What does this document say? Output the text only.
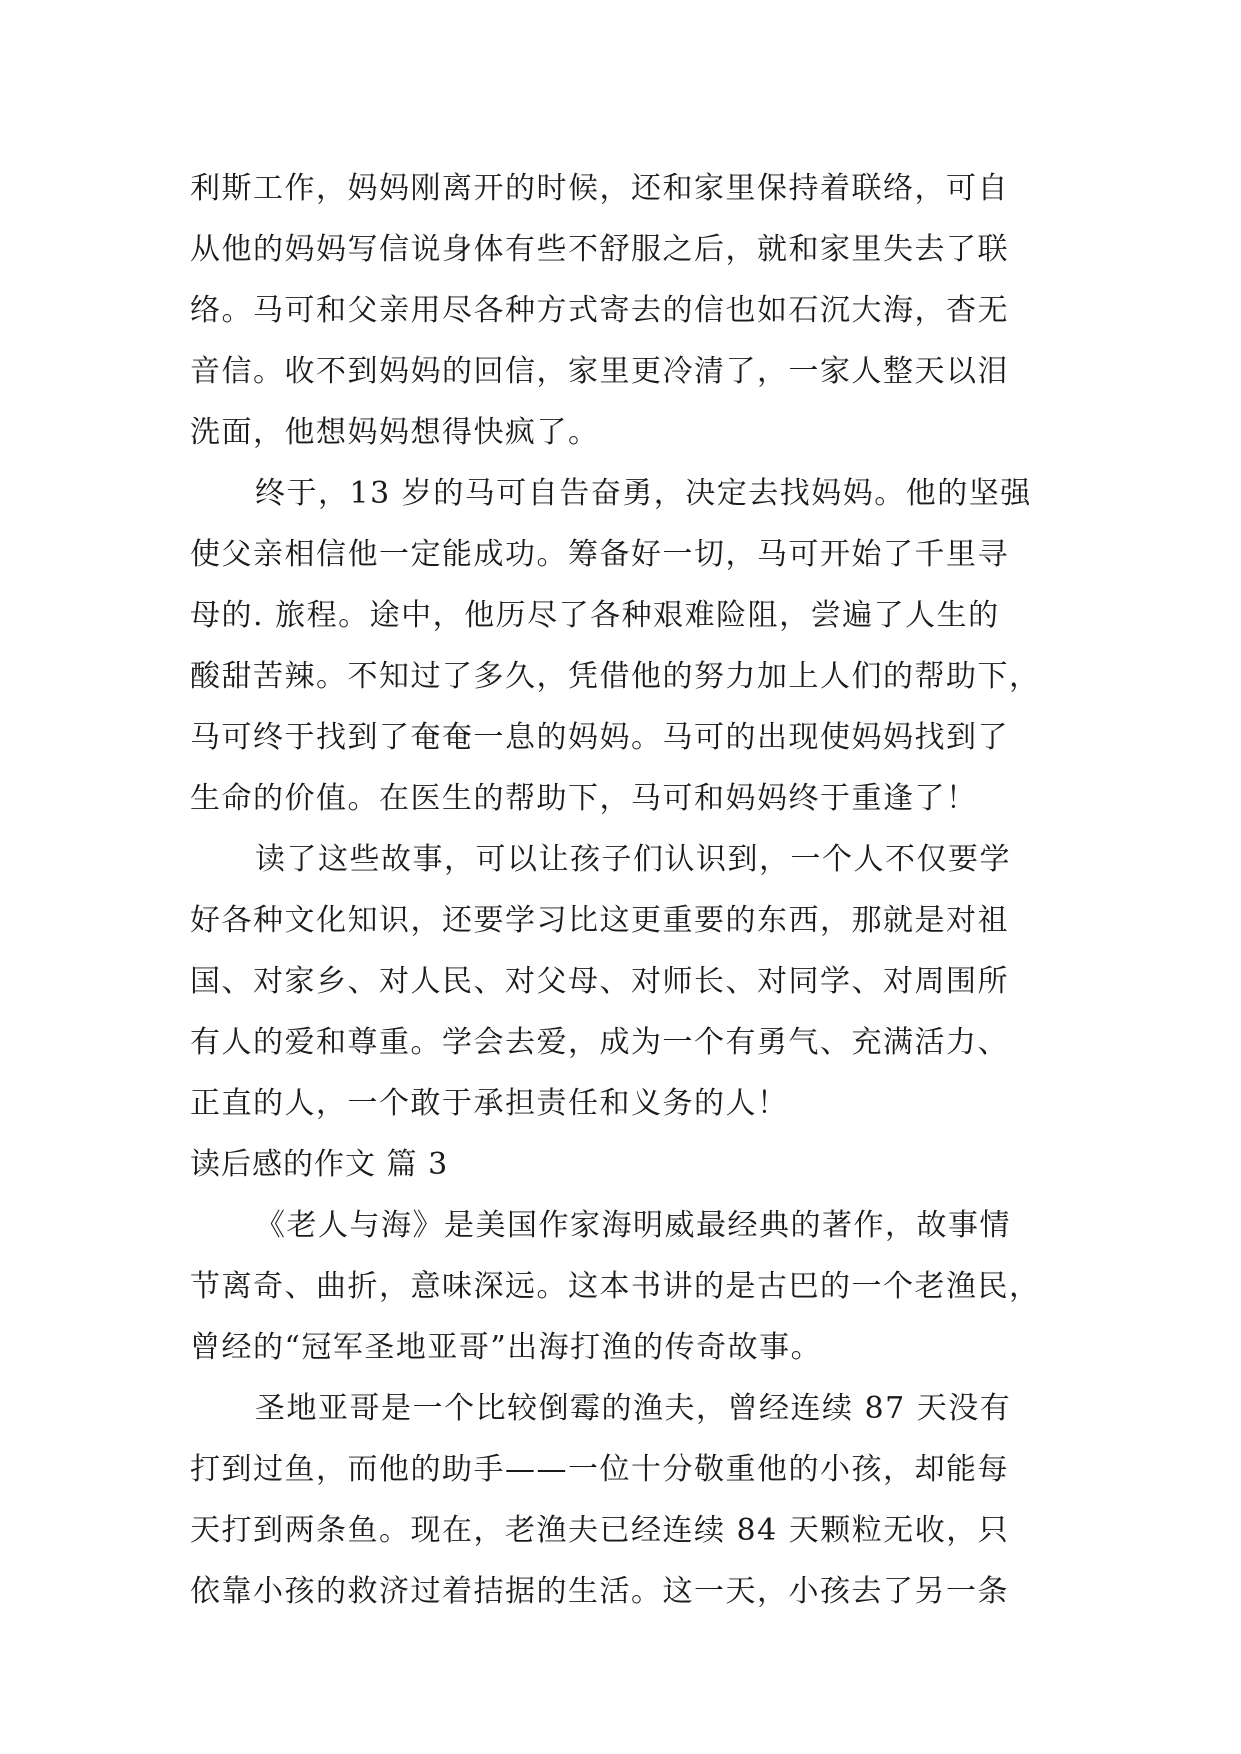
利斯工作，妈妈刚离开的时候，还和家里保持着联络，可自
从他的妈妈写信说身体有些不舒服之后，就和家里失去了联
络。马可和父亲用尽各种方式寄去的信也如石沉大海，杳无
音信。收不到妈妈的回信，家里更冷清了，一家人整天以泪
洗面，他想妈妈想得快疯了。
终于，13 岁的马可自告奋勇，决定去找妈妈。他的坚强
使父亲相信他一定能成功。筹备好一切，马可开始了千里寻
母的. 旅程。途中，他历尽了各种艰难险阻，尝遍了人生的
酸甜苦辣。不知过了多久，凭借他的努力加上人们的帮助下，
马可终于找到了奄奄一息的妈妈。马可的出现使妈妈找到了
生命的价值。在医生的帮助下，马可和妈妈终于重逢了！
读了这些故事，可以让孩子们认识到，一个人不仅要学
好各种文化知识，还要学习比这更重要的东西，那就是对祖
国、对家乡、对人民、对父母、对师长、对同学、对周围所
有人的爱和尊重。学会去爱，成为一个有勇气、充满活力、
正直的人，一个敢于承担责任和义务的人！
读后感的作文 篇 3
《老人与海》是美国作家海明威最经典的著作，故事情
节离奇、曲折，意味深远。这本书讲的是古巴的一个老渔民，
曾经的“冠军圣地亚哥”出海打渔的传奇故事。
圣地亚哥是一个比较倒霉的渔夫，曾经连续 87 天没有
打到过鱼，而他的助手——一位十分敬重他的小孩，却能每
天打到两条鱼。现在，老渔夫已经连续 84 天颗粒无收，只
依靠小孩的救济过着拮据的生活。这一天，小孩去了另一条
